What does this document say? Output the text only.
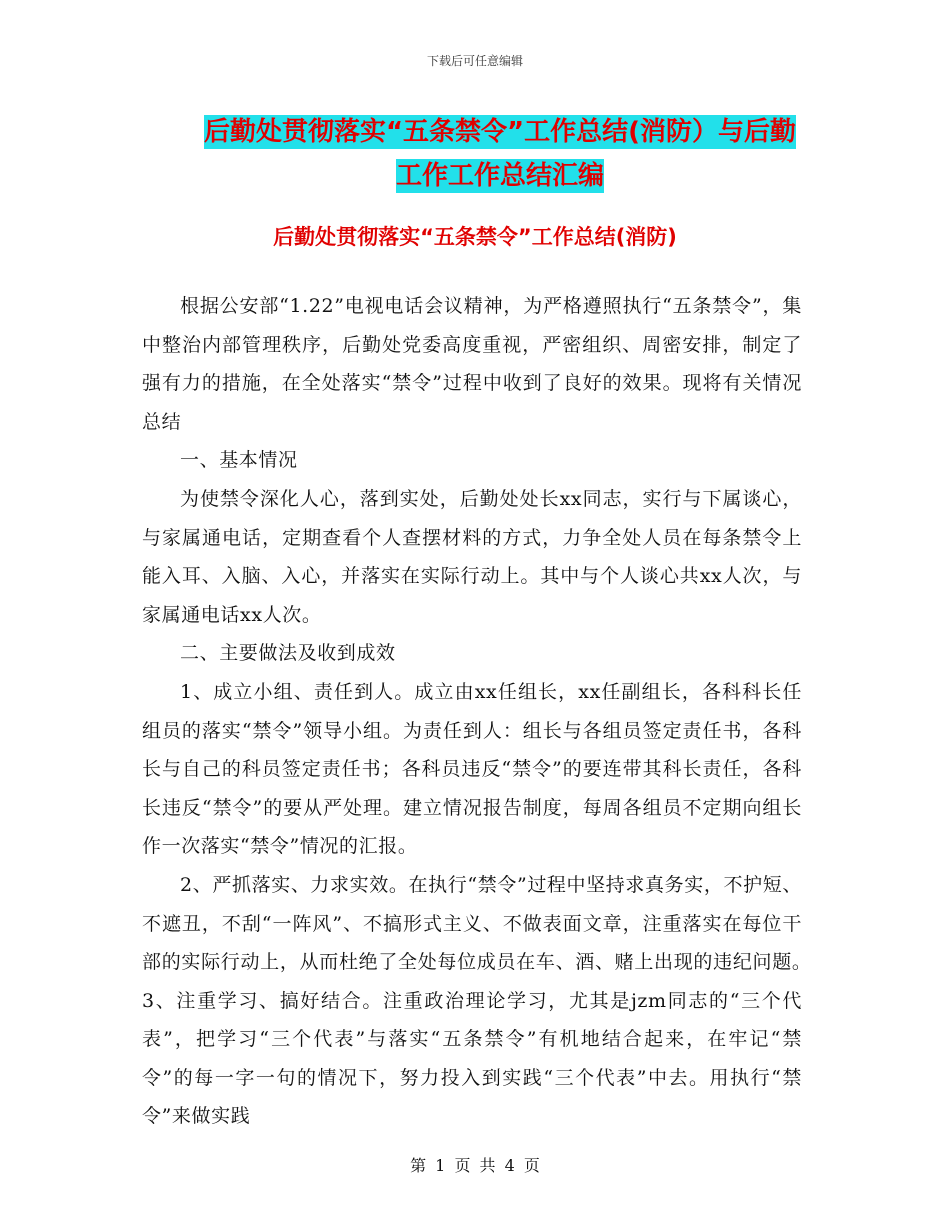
下载后可任意编辑
后勤处贯彻落实“五条禁令”工作总结(消防）与后勤
工作工作总结汇编
后勤处贯彻落实“五条禁令”工作总结(消防)

根据公安部“1.22”电视电话会议精神，为严格遵照执行“五条禁令”，集中整治内部管理秩序，后勤处党委高度重视，严密组织、周密安排，制定了强有力的措施，在全处落实“禁令”过程中收到了良好的效果。现将有关情况总结

一、基本情况

为使禁令深化人心，落到实处，后勤处处长xx同志，实行与下属谈心，与家属通电话，定期查看个人查摆材料的方式，力争全处人员在每条禁令上能入耳、入脑、入心，并落实在实际行动上。其中与个人谈心共xx人次，与家属通电话xx人次。

二、主要做法及收到成效

1、成立小组、责任到人。成立由xx任组长，xx任副组长，各科科长任组员的落实“禁令”领导小组。为责任到人：组长与各组员签定责任书，各科长与自己的科员签定责任书；各科员违反“禁令”的要连带其科长责任，各科长违反“禁令”的要从严处理。建立情况报告制度，每周各组员不定期向组长作一次落实“禁令”情况的汇报。

2、严抓落实、力求实效。在执行“禁令”过程中坚持求真务实，不护短、不遮丑，不刮“一阵风”、不搞形式主义、不做表面文章，注重落实在每位干部的实际行动上，从而杜绝了全处每位成员在车、酒、赌上出现的违纪问题。　　3、注重学习、搞好结合。注重政治理论学习，尤其是jzm同志的“三个代表”，把学习“三个代表”与落实“五条禁令”有机地结合起来，在牢记“禁令”的每一字一句的情况下，努力投入到实践“三个代表”中去。用执行“禁令”来做实践

第 1 页 共 4 页
